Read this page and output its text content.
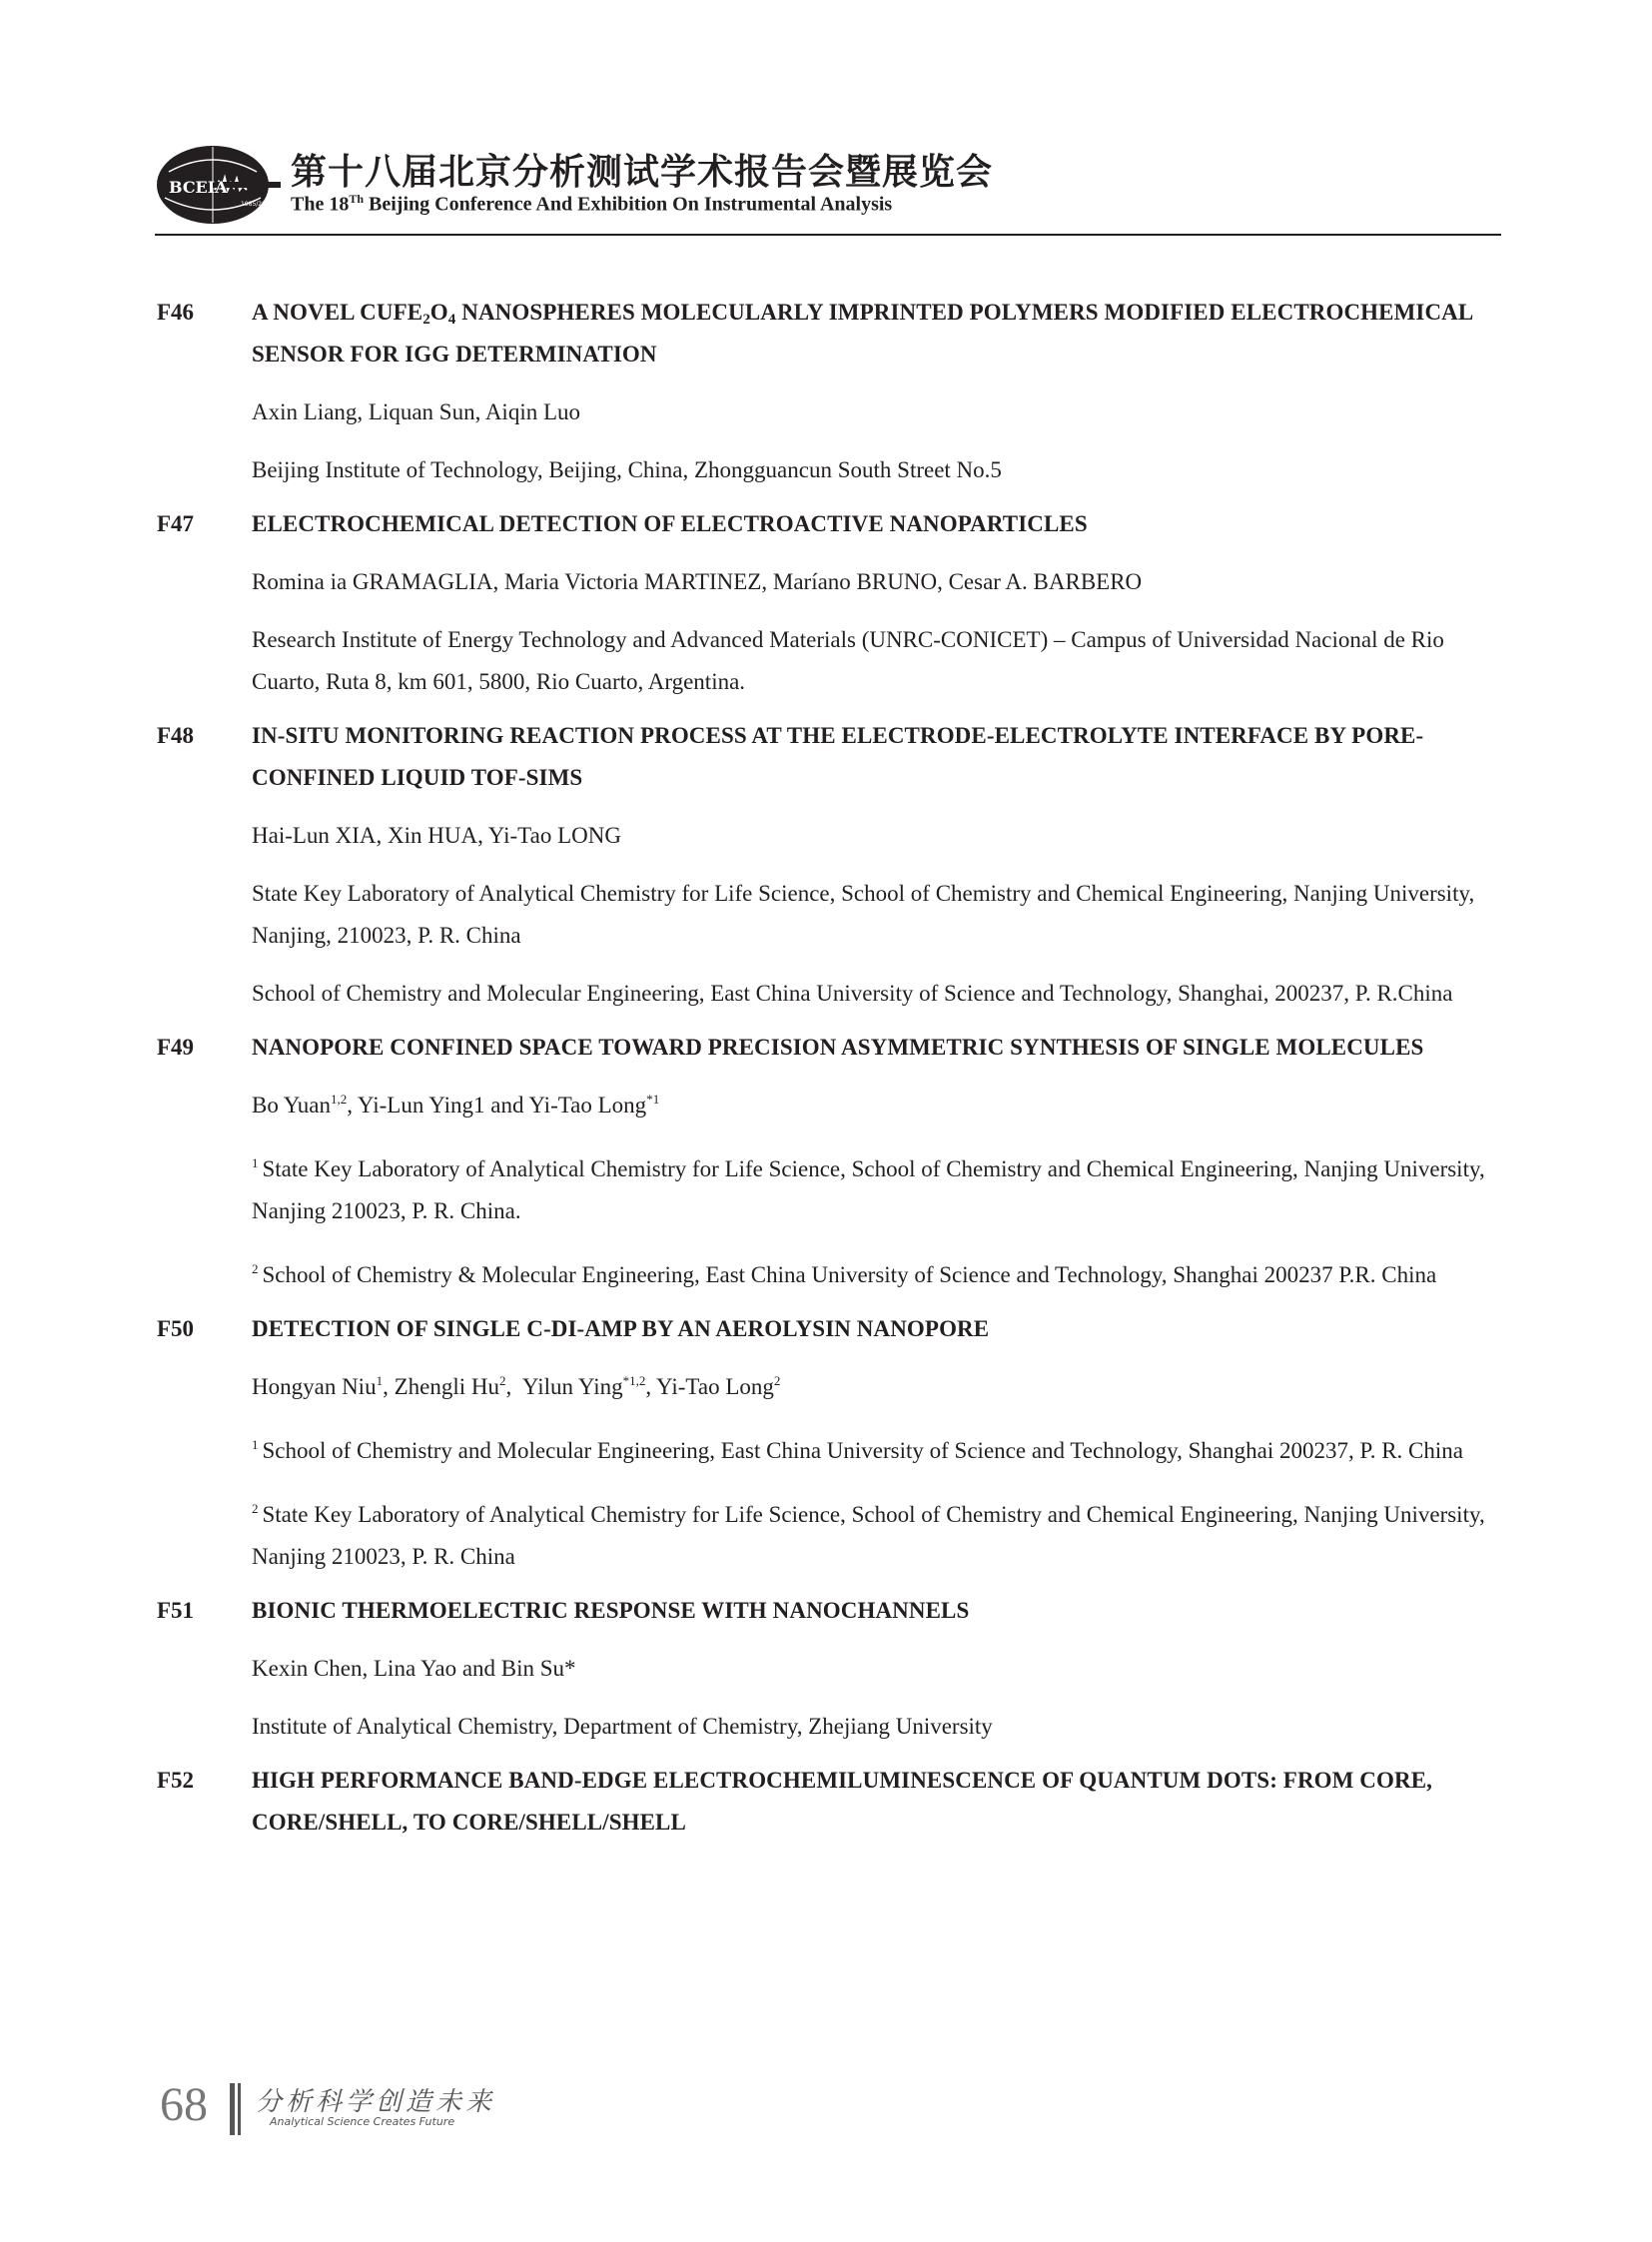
BCEIA
1985/2019
第十八届北京分析测试学术报告会暨展览会
The 18Th Beijing Conference And Exhibition On Instrumental Analysis
F46	A NOVEL $CUFE_2O_4$ NANOSPHERES MOLECULARLY IMPRINTED POLYMERS MODIFIED ELECTROCHEMICAL SENSOR FOR IGG DETERMINATION
Axin Liang, Liquan Sun, Aiqin Luo
Beijing Institute of Technology, Beijing, China, Zhongguancun South Street No.5
F47	ELECTROCHEMICAL DETECTION OF ELECTROACTIVE NANOPARTICLES
Romina ia GRAMAGLIA, Maria Victoria MARTINEZ, Maríano BRUNO, Cesar A. BARBERO
Research Institute of Energy Technology and Advanced Materials (UNRC-CONICET) – Campus of Universidad Nacional de Rio Cuarto, Ruta 8, km 601, 5800, Rio Cuarto, Argentina.
F48	IN-SITU MONITORING REACTION PROCESS AT THE ELECTRODE-ELECTROLYTE INTERFACE BY PORE-CONFINED LIQUID TOF-SIMS
Hai-Lun XIA, Xin HUA, Yi-Tao LONG
State Key Laboratory of Analytical Chemistry for Life Science, School of Chemistry and Chemical Engineering, Nanjing University, Nanjing, 210023, P. R. China
School of Chemistry and Molecular Engineering, East China University of Science and Technology, Shanghai, 200237, P. R.China
F49	NANOPORE CONFINED SPACE TOWARD PRECISION ASYMMETRIC SYNTHESIS OF SINGLE MOLECULES
Bo Yuan$^{1,2}$, Yi-Lun Ying1 and Yi-Tao Long$^{*1}$
$^1$ State Key Laboratory of Analytical Chemistry for Life Science, School of Chemistry and Chemical Engineering, Nanjing University, Nanjing 210023, P. R. China.
$^2$ School of Chemistry & Molecular Engineering, East China University of Science and Technology, Shanghai 200237 P.R. China
F50	DETECTION OF SINGLE C-DI-AMP BY AN AEROLYSIN NANOPORE
Hongyan Niu$^1$, Zhengli Hu$^2$,  Yilun Ying$^{*1,2}$, Yi-Tao Long$^2$
$^1$ School of Chemistry and Molecular Engineering, East China University of Science and Technology, Shanghai 200237, P. R. China
$^2$ State Key Laboratory of Analytical Chemistry for Life Science, School of Chemistry and Chemical Engineering, Nanjing University, Nanjing 210023, P. R. China
F51	BIONIC THERMOELECTRIC RESPONSE WITH NANOCHANNELS
Kexin Chen, Lina Yao and Bin Su*
Institute of Analytical Chemistry, Department of Chemistry, Zhejiang University
F52	HIGH PERFORMANCE BAND-EDGE ELECTROCHEMILUMINESCENCE OF QUANTUM DOTS: FROM CORE, CORE/SHELL, TO CORE/SHELL/SHELL
68 分析科学创造未来
Analytical Science Creates Future
